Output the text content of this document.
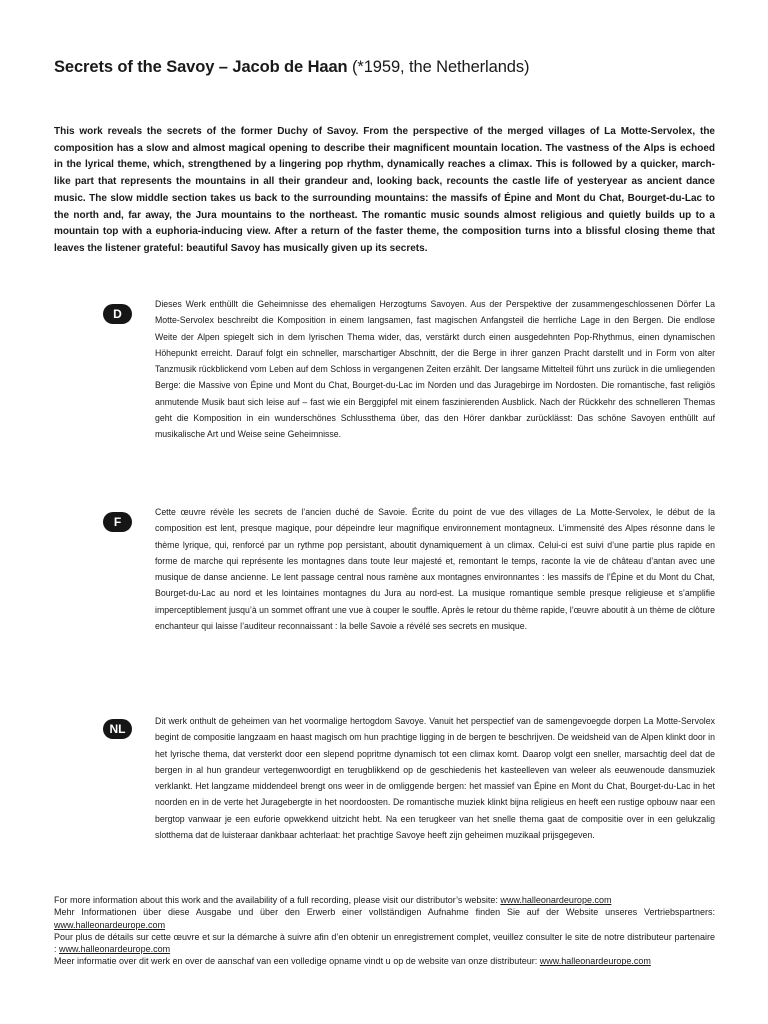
Secrets of the Savoy – Jacob de Haan (*1959, the Netherlands)

This work reveals the secrets of the former Duchy of Savoy. From the perspective of the merged villages of La Motte-Servolex, the composition has a slow and almost magical opening to describe their magnificent mountain location. The vastness of the Alps is echoed in the lyrical theme, which, strengthened by a lingering pop rhythm, dynamically reaches a climax. This is followed by a quicker, march-like part that represents the mountains in all their grandeur and, looking back, recounts the castle life of yesteryear as ancient dance music. The slow middle section takes us back to the surrounding mountains: the massifs of Épine and Mont du Chat, Bourget-du-Lac to the north and, far away, the Jura mountains to the northeast. The romantic music sounds almost religious and quietly builds up to a mountain top with a euphoria-inducing view. After a return of the faster theme, the composition turns into a blissful closing theme that leaves the listener grateful: beautiful Savoy has musically given up its secrets.

D

Dieses Werk enthüllt die Geheimnisse des ehemaligen Herzogtums Savoyen. Aus der Perspektive der zusammengeschlossenen Dörfer La Motte-Servolex beschreibt die Komposition in einem langsamen, fast magischen Anfangsteil die herrliche Lage in den Bergen. Die endlose Weite der Alpen spiegelt sich in dem lyrischen Thema wider, das, verstärkt durch einen ausgedehnten Pop-Rhythmus, einen dynamischen Höhepunkt erreicht. Darauf folgt ein schneller, marschartiger Abschnitt, der die Berge in ihrer ganzen Pracht darstellt und in Form von alter Tanzmusik rückblickend vom Leben auf dem Schloss in vergangenen Zeiten erzählt. Der langsame Mittelteil führt uns zurück in die umliegenden Berge: die Massive von Épine und Mont du Chat, Bourget-du-Lac im Norden und das Juragebirge im Nordosten. Die romantische, fast religiös anmutende Musik baut sich leise auf – fast wie ein Berggipfel mit einem faszinierenden Ausblick. Nach der Rückkehr des schnelleren Themas geht die Komposition in ein wunderschönes Schlussthema über, das den Hörer dankbar zurücklässt: Das schöne Savoyen enthüllt auf musikalische Art und Weise seine Geheimnisse.

F

Cette œuvre révèle les secrets de l’ancien duché de Savoie. Écrite du point de vue des villages de La Motte-Servolex, le début de la composition est lent, presque magique, pour dépeindre leur magnifique environnement montagneux. L’immensité des Alpes résonne dans le thème lyrique, qui, renforcé par un rythme pop persistant, aboutit dynamiquement à un climax. Celui-ci est suivi d’une partie plus rapide en forme de marche qui représente les montagnes dans toute leur majesté et, remontant le temps, raconte la vie de château d’antan avec une musique de danse ancienne. Le lent passage central nous ramène aux montagnes environnantes : les massifs de l’Épine et du Mont du Chat, Bourget-du-Lac au nord et les lointaines montagnes du Jura au nord-est. La musique romantique semble presque religieuse et s’amplifie imperceptiblement jusqu’à un sommet offrant une vue à couper le souffle. Après le retour du thème rapide, l’œuvre aboutit à un thème de clôture enchanteur qui laisse l’auditeur reconnaissant : la belle Savoie a révélé ses secrets en musique.

NL

Dit werk onthult de geheimen van het voormalige hertogdom Savoye. Vanuit het perspectief van de samengevoegde dorpen La Motte-Servolex begint de compositie langzaam en haast magisch om hun prachtige ligging in de bergen te beschrijven. De weidsheid van de Alpen klinkt door in het lyrische thema, dat versterkt door een slepend popritme dynamisch tot een climax komt. Daarop volgt een sneller, marsachtig deel dat de bergen in al hun grandeur vertegenwoordigt en terugblikkend op de geschiedenis het kasteelleven van weleer als eeuwenoude dansmuziek verklankt. Het langzame middendeel brengt ons weer in de omliggende bergen: het massief van Épine en Mont du Chat, Bourget-du-Lac in het noorden en in de verte het Juragebergte in het noordoosten. De romantische muziek klinkt bijna religieus en heeft een rustige opbouw naar een bergtop vanwaar je een euforie opwekkend uitzicht hebt. Na een terugkeer van het snelle thema gaat de compositie over in een gelukzalig slotthema dat de luisteraar dankbaar achterlaat: het prachtige Savoye heeft zijn geheimen muzikaal prijsgegeven.

For more information about this work and the availability of a full recording, please visit our distributor’s website: www.halleonardeurope.com

Mehr Informationen über diese Ausgabe und über den Erwerb einer vollständigen Aufnahme finden Sie auf der Website unseres Vertriebspartners: www.halleonardeurope.com

Pour plus de détails sur cette œuvre et sur la démarche à suivre afin d’en obtenir un enregistrement complet, veuillez consulter le site de notre distributeur partenaire : www.halleonardeurope.com

Meer informatie over dit werk en over de aanschaf van een volledige opname vindt u op de website van onze distributeur: www.halleonardeurope.com
